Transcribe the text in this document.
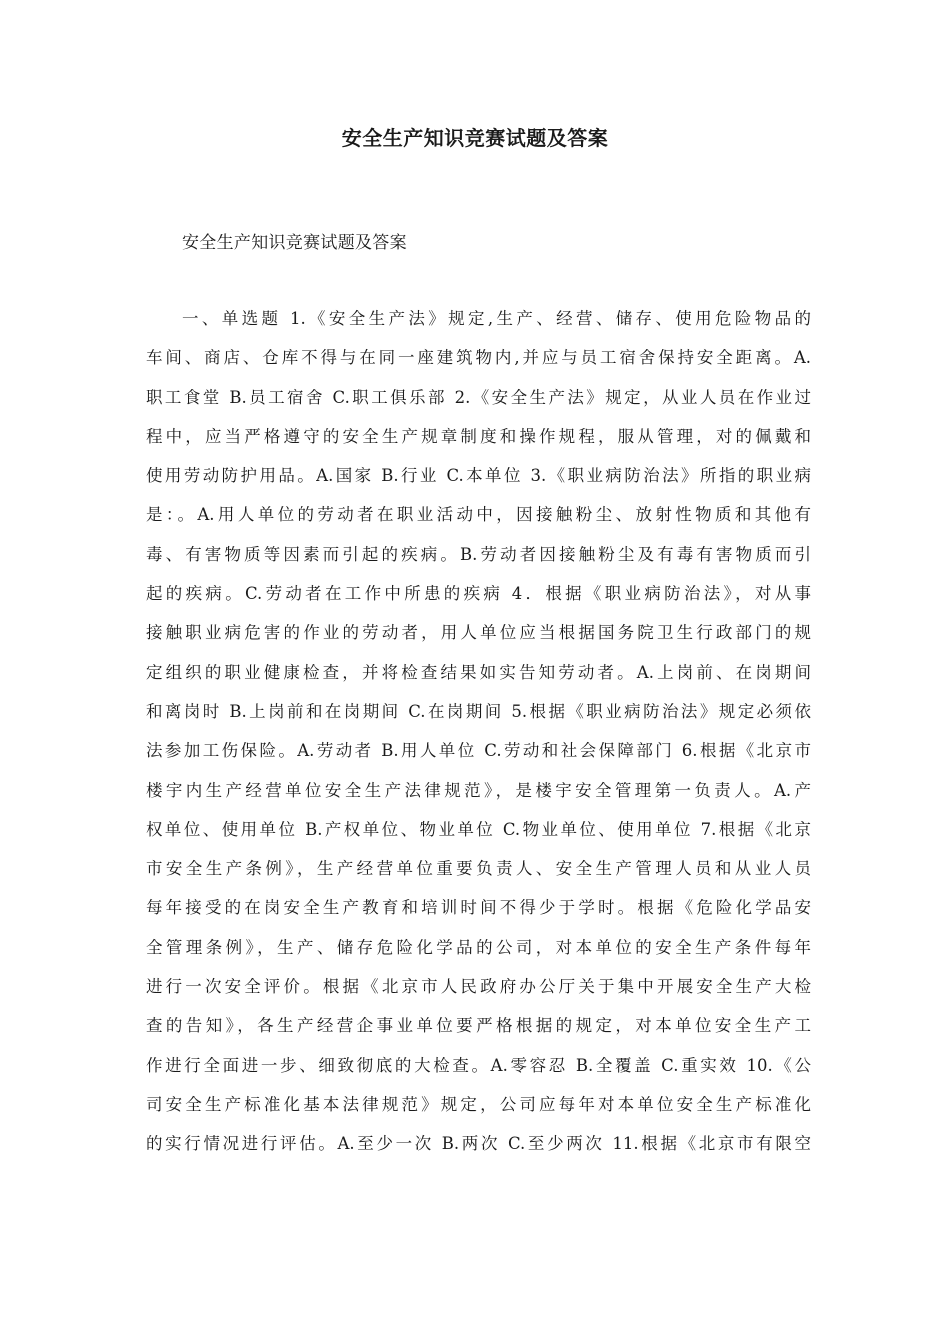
安全生产知识竞赛试题及答案
安全生产知识竞赛试题及答案
一、单选题 1.《安全生产法》规定,生产、经营、储存、使用危险物品的
车间、商店、仓库不得与在同一座建筑物内,并应与员工宿舍保持安全距离。A.
职工食堂 B.员工宿舍 C.职工俱乐部 2.《安全生产法》规定，从业人员在作业过
程中，应当严格遵守的安全生产规章制度和操作规程，服从管理，对的佩戴和
使用劳动防护用品。A.国家 B.行业 C.本单位 3.《职业病防治法》所指的职业病
是：。A.用人单位的劳动者在职业活动中，因接触粉尘、放射性物质和其他有
毒、有害物质等因素而引起的疾病。B.劳动者因接触粉尘及有毒有害物质而引
起的疾病。C.劳动者在工作中所患的疾病 4．根据《职业病防治法》，对从事
接触职业病危害的作业的劳动者，用人单位应当根据国务院卫生行政部门的规
定组织的职业健康检查，并将检查结果如实告知劳动者。A.上岗前、在岗期间
和离岗时 B.上岗前和在岗期间 C.在岗期间 5.根据《职业病防治法》规定必须依
法参加工伤保险。A.劳动者 B.用人单位 C.劳动和社会保障部门 6.根据《北京市
楼宇内生产经营单位安全生产法律规范》，是楼宇安全管理第一负责人。A.产
权单位、使用单位 B.产权单位、物业单位 C.物业单位、使用单位 7.根据《北京
市安全生产条例》，生产经营单位重要负责人、安全生产管理人员和从业人员
每年接受的在岗安全生产教育和培训时间不得少于学时。根据《危险化学品安
全管理条例》，生产、储存危险化学品的公司，对本单位的安全生产条件每年
进行一次安全评价。根据《北京市人民政府办公厅关于集中开展安全生产大检
查的告知》，各生产经营企事业单位要严格根据的规定，对本单位安全生产工
作进行全面进一步、细致彻底的大检查。A.零容忍 B.全覆盖 C.重实效 10.《公
司安全生产标准化基本法律规范》规定，公司应每年对本单位安全生产标准化
的实行情况进行评估。A.至少一次 B.两次 C.至少两次 11.根据《北京市有限空
